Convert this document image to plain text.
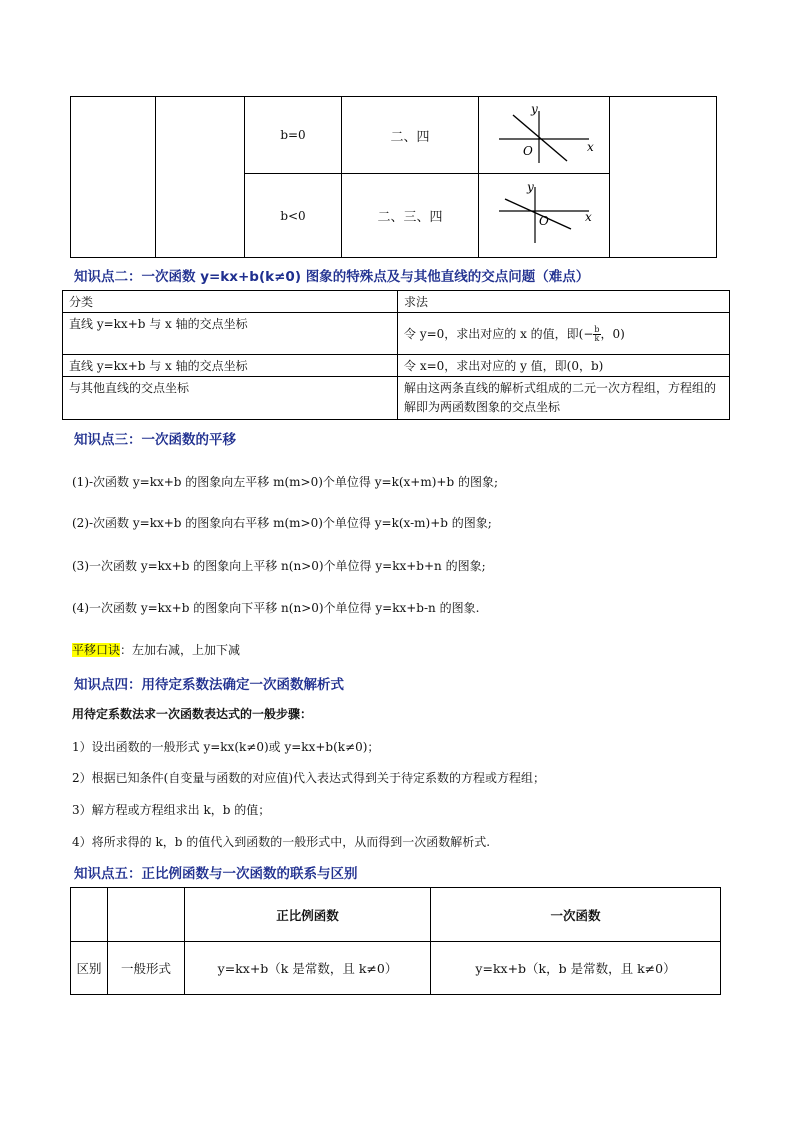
		b=0	二、四	y
x
O	

		b<0	二、三、四	y
x
O	
知识点二：一次函数 y=kx+b(k≠0) 图象的特殊点及与其他直线的交点问题（难点）
分类	求法
直线 y=kx+b 与 x 轴的交点坐标	令 y=0，求出对应的 x 的值，即(− $\frac{b}{k}$ ，0)
直线 y=kx+b 与 x 轴的交点坐标	令 x=0，求出对应的 y 值，即(0，b)
与其他直线的交点坐标	解由这两条直线的解析式组成的二元一次方程组，方程组的解即为两函数图象的交点坐标
知识点三：一次函数的平移
(1)-次函数 y=kx+b 的图象向左平移 m(m>0)个单位得 y=k(x+m)+b 的图象;
(2)-次函数 y=kx+b 的图象向右平移 m(m>0)个单位得 y=k(x-m)+b 的图象;
(3)一次函数 y=kx+b 的图象向上平移 n(n>0)个单位得 y=kx+b+n 的图象;
(4)一次函数 y=kx+b 的图象向下平移 n(n>0)个单位得 y=kx+b-n 的图象.
平移口诀：左加右减，上加下减
知识点四：用待定系数法确定一次函数解析式
用待定系数法求一次函数表达式的一般步骤：
1）设出函数的一般形式 y=kx(k≠0)或 y=kx+b(k≠0)；
2）根据已知条件(自变量与函数的对应值)代入表达式得到关于待定系数的方程或方程组；
3）解方程或方程组求出 k，b 的值；
4）将所求得的 k，b 的值代入到函数的一般形式中，从而得到一次函数解析式.
知识点五：正比例函数与一次函数的联系与区别
		正比例函数	一次函数
区别	一般形式	y=kx+b（k 是常数，且 k≠0）	y=kx+b（k，b 是常数，且 k≠0）
